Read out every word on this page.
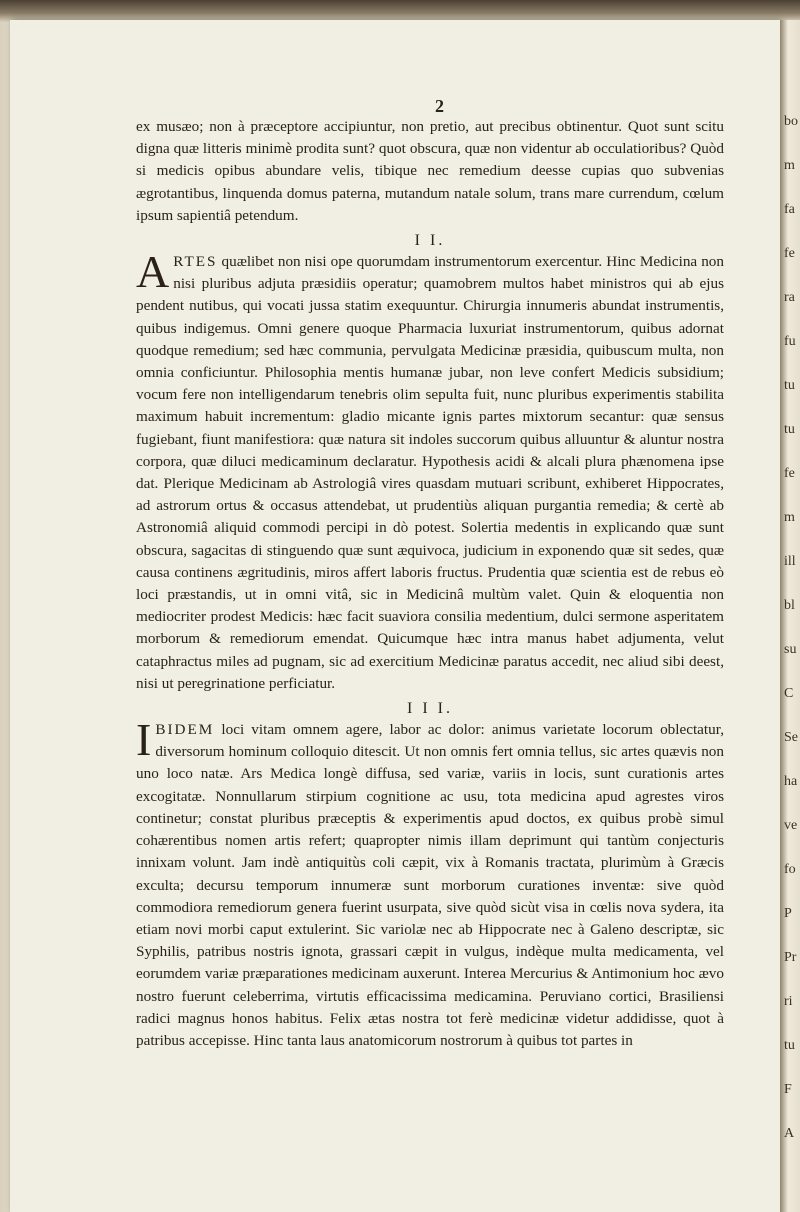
2
bo
m
fa
fe
ra
fu
tu
tu
fe
m
ill
bl
su
C
Se
ha
ve
fo
P
Pr
ri
tu
F
A

ex musæo; non à præceptore accipiuntur, non pretio, aut precibus obtinentur. Quot sunt scitu digna quæ litteris minimè prodita sunt? quot obscura, quæ non videntur ab occulatioribus? Quòd si medicis opibus abundare velis, tibique nec remedium deesse cupias quo subvenias ægrotantibus, linquenda domus paterna, mutandum natale solum, trans mare currendum, cœlum ipsum sapientiâ petendum.

I I.

ARTES quælibet non nisi ope quorumdam instrumentorum exercentur. Hinc Medicina non nisi pluribus adjuta præsidiis operatur; quamobrem multos habet ministros qui ab ejus pendent nutibus, qui vocati jussa statim exequuntur. Chirurgia innumeris abundat instrumentis, quibus indigemus. Omni genere quoque Pharmacia luxuriat instrumentorum, quibus adornat quodque remedium; sed hæc communia, pervulgata Medicinæ præsidia, quibuscum multa, non omnia conficiuntur. Philosophia mentis humanæ jubar, non leve confert Medicis subsidium; vocum fere non intelligendarum tenebris olim sepulta fuit, nunc pluribus experimentis stabilita maximum habuit incrementum: gladio micante ignis partes mixtorum secantur: quæ sensus fugiebant, fiunt manifestiora: quæ natura sit indoles succorum quibus alluuntur & aluntur nostra corpora, quæ diluci medicaminum declaratur. Hypothesis acidi & alcali plura phænomena ipse dat. Plerique Medicinam ab Astrologiâ vires quasdam mutuari scribunt, exhiberet Hippocrates, ad astrorum ortus & occasus attendebat, ut prudentiùs aliquan purgantia remedia; & certè ab Astronomiâ aliquid commodi percipi in dò potest. Solertia medentis in explicando quæ sunt obscura, sagacitas di stinguendo quæ sunt æquivoca, judicium in exponendo quæ sit sedes, quæ causa continens ægritudinis, miros affert laboris fructus. Prudentia quæ scientia est de rebus eò loci præstandis, ut in omni vitâ, sic in Medicinâ multùm valet. Quin & eloquentia non mediocriter prodest Medicis: hæc facit suaviora consilia medentium, dulci sermone asperitatem morborum & remediorum emendat. Quicumque hæc intra manus habet adjumenta, velut cataphractus miles ad pugnam, sic ad exercitium Medicinæ paratus accedit, nec aliud sibi deest, nisi ut peregrinatione perficiatur.

I I I.

IBIDEM loci vitam omnem agere, labor ac dolor: animus varietate locorum oblectatur, diversorum hominum colloquio ditescit. Ut non omnis fert omnia tellus, sic artes quævis non uno loco natæ. Ars Medica longè diffusa, sed variæ, variis in locis, sunt curationis artes excogitatæ. Nonnullarum stirpium cognitione ac usu, tota medicina apud agrestes viros continetur; constat pluribus præceptis & experimentis apud doctos, ex quibus probè simul cohærentibus nomen artis refert; quapropter nimis illam deprimunt qui tantùm conjecturis innixam volunt. Jam indè antiquitùs coli cæpit, vix à Romanis tractata, plurimùm à Græcis exculta; decursu temporum innumeræ sunt morborum curationes inventæ: sive quòd commodiora remediorum genera fuerint usurpata, sive quòd sicùt visa in cœlis nova sydera, ita etiam novi morbi caput extulerint. Sic variolæ nec ab Hippocrate nec à Galeno descriptæ, sic Syphilis, patribus nostris ignota, grassari cæpit in vulgus, indèque multa medicamenta, vel eorumdem variæ præparationes medicinam auxerunt. Interea Mercurius & Antimonium hoc ævo nostro fuerunt celeberrima, virtutis efficacissima medicamina. Peruviano cortici, Brasiliensi radici magnus honos habitus. Felix ætas nostra tot ferè medicinæ videtur addidisse, quot à patribus accepisse. Hinc tanta laus anatomicorum nostrorum à quibus tot partes in
